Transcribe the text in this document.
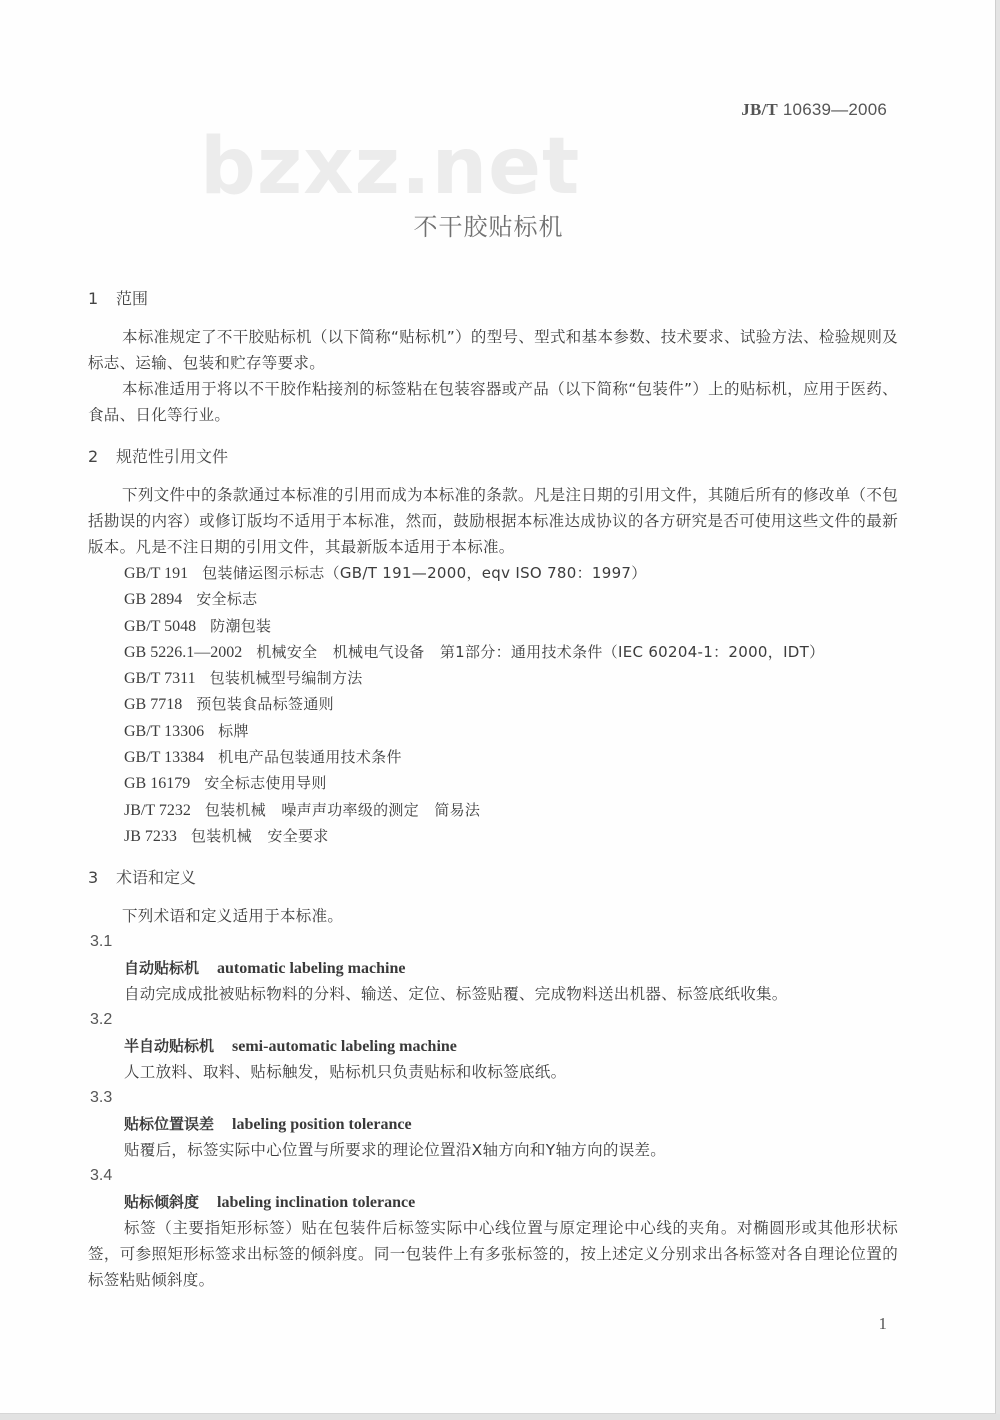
JB/T 10639—2006
bzxz.net
不干胶贴标机
1 范围
本标准规定了不干胶贴标机（以下简称“贴标机”）的型号、型式和基本参数、技术要求、试验方法、检验规则及标志、运输、包装和贮存等要求。
本标准适用于将以不干胶作粘接剂的标签粘在包装容器或产品（以下简称“包装件”）上的贴标机，应用于医药、食品、日化等行业。
2 规范性引用文件
下列文件中的条款通过本标准的引用而成为本标准的条款。凡是注日期的引用文件，其随后所有的修改单（不包括勘误的内容）或修订版均不适用于本标准，然而，鼓励根据本标准达成协议的各方研究是否可使用这些文件的最新版本。凡是不注日期的引用文件，其最新版本适用于本标准。
GB/T 191 包装储运图示标志（GB/T 191—2000，eqv ISO 780：1997）
GB 2894 安全标志
GB/T 5048 防潮包装
GB 5226.1—2002 机械安全　机械电气设备　第1部分：通用技术条件（IEC 60204-1：2000，IDT）
GB/T 7311 包装机械型号编制方法
GB 7718 预包装食品标签通则
GB/T 13306 标牌
GB/T 13384 机电产品包装通用技术条件
GB 16179 安全标志使用导则
JB/T 7232 包装机械　噪声声功率级的测定　简易法
JB 7233 包装机械　安全要求
3 术语和定义
下列术语和定义适用于本标准。
3.1
自动贴标机 automatic labeling machine
自动完成成批被贴标物料的分料、输送、定位、标签贴覆、完成物料送出机器、标签底纸收集。
3.2
半自动贴标机 semi-automatic labeling machine
人工放料、取料、贴标触发，贴标机只负责贴标和收标签底纸。
3.3
贴标位置误差 labeling position tolerance
贴覆后，标签实际中心位置与所要求的理论位置沿X轴方向和Y轴方向的误差。
3.4
贴标倾斜度 labeling inclination tolerance
标签（主要指矩形标签）贴在包装件后标签实际中心线位置与原定理论中心线的夹角。对椭圆形或其他形状标签，可参照矩形标签求出标签的倾斜度。同一包装件上有多张标签的，按上述定义分别求出各标签对各自理论位置的标签粘贴倾斜度。
1
